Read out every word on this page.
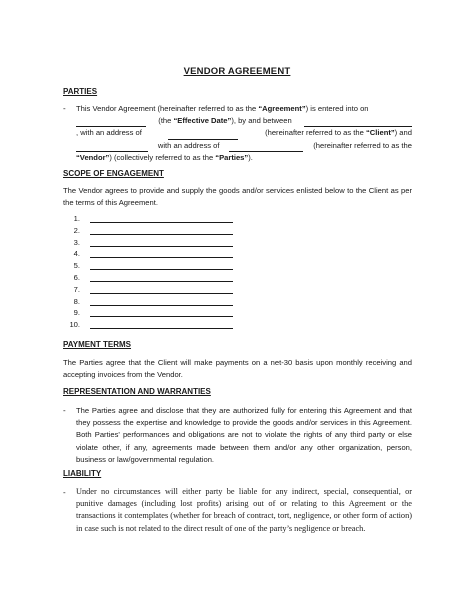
VENDOR AGREEMENT
PARTIES
- This Vendor Agreement (hereinafter referred to as the “Agreement”) is entered into on
(the “Effective Date”), by and between
, with an address of	(hereinafter referred to as the “Client”) and
with an address of	(hereinafter referred to as the
“Vendor”) (collectively referred to as the “Parties”).
SCOPE OF ENGAGEMENT
The Vendor agrees to provide and supply the goods and/or services enlisted below to the Client as per the terms of this Agreement.
1.
2.
3.
4.
5.
6.
7.
8.
9.
10.
PAYMENT TERMS
The Parties agree that the Client will make payments on a net-30 basis upon monthly receiving and accepting invoices from the Vendor.
REPRESENTATION AND WARRANTIES
- The Parties agree and disclose that they are authorized fully for entering this Agreement and that they possess the expertise and knowledge to provide the goods and/or services in this Agreement. Both Parties' performances and obligations are not to violate the rights of any third party or else violate other, if any, agreements made between them and/or any other organization, person, business or law/governmental regulation.
LIABILITY
- Under no circumstances will either party be liable for any indirect, special, consequential, or punitive damages (including lost profits) arising out of or relating to this Agreement or the transactions it contemplates (whether for breach of contract, tort, negligence, or other form of action) in case such is not related to the direct result of one of the party’s negligence or breach.
